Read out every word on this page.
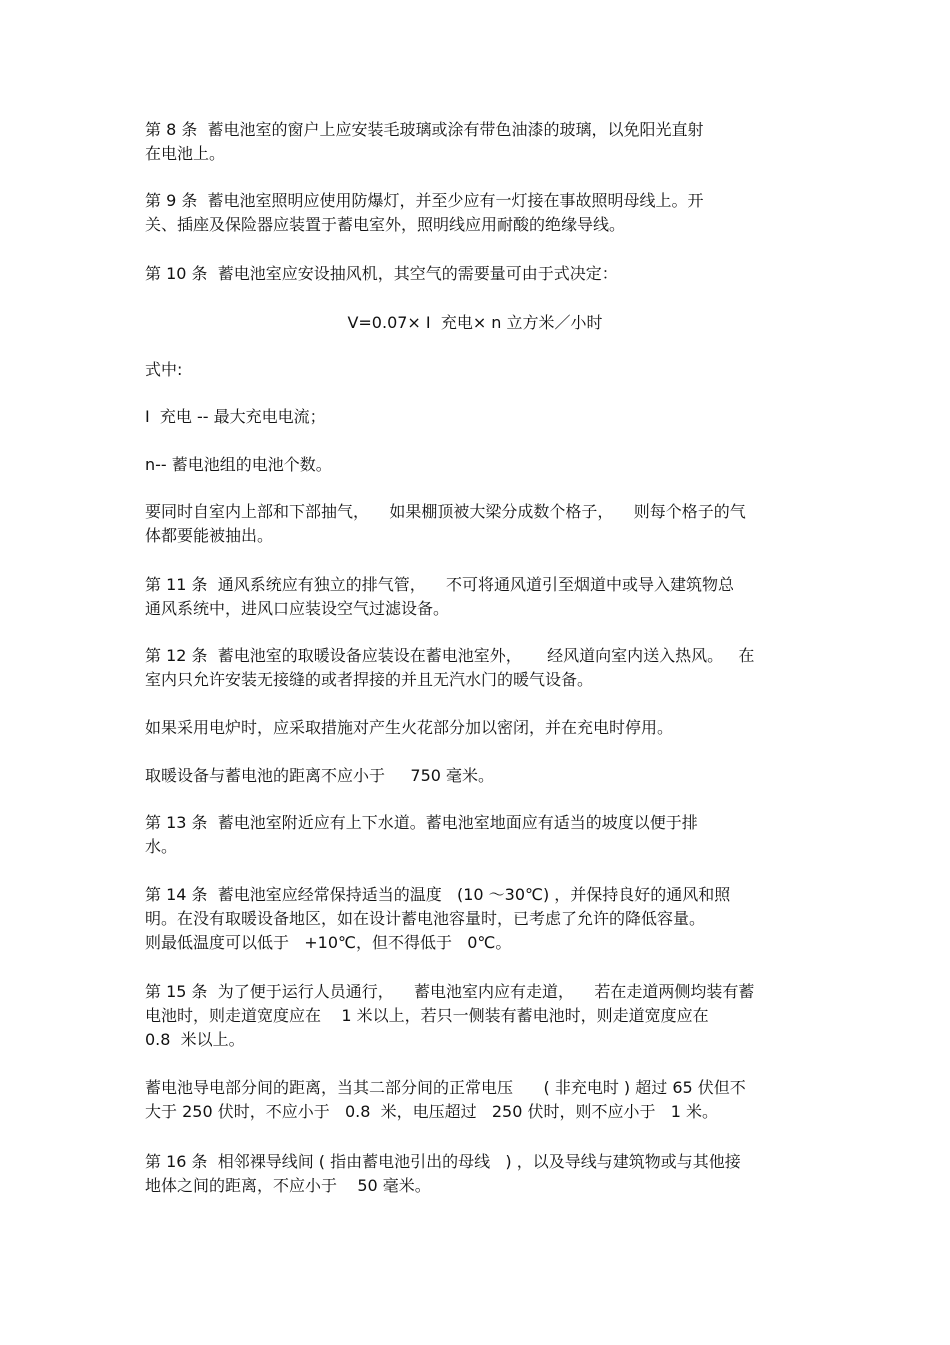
第 8 条  蓄电池室的窗户上应安装毛玻璃或涂有带色油漆的玻璃，以免阳光直射
在电池上。
第 9 条  蓄电池室照明应使用防爆灯，并至少应有一灯接在事故照明母线上。开
关、插座及保险器应装置于蓄电室外，照明线应用耐酸的绝缘导线。
第 10 条  蓄电池室应安设抽风机，其空气的需要量可由于式决定：
V=0.07× I  充电× n 立方米／小时
式中:
I  充电 -- 最大充电电流；
n-- 蓄电池组的电池个数。
要同时自室内上部和下部抽气，    如果棚顶被大梁分成数个格子，    则每个格子的气
体都要能被抽出。
第 11 条  通风系统应有独立的排气管，    不可将通风道引至烟道中或导入建筑物总
通风系统中，进风口应装设空气过滤设备。
第 12 条  蓄电池室的取暖设备应装设在蓄电池室外，     经风道向室内送入热风。   在
室内只允许安装无接缝的或者捍接的并且无汽水门的暖气设备。
如果采用电炉时，应采取措施对产生火花部分加以密闭，并在充电时停用。
取暖设备与蓄电池的距离不应小于     750 毫米。
第 13 条  蓄电池室附近应有上下水道。蓄电池室地面应有适当的坡度以便于排
水。
第 14 条  蓄电池室应经常保持适当的温度   (10 ～30℃) ，并保持良好的通风和照
明。在没有取暖设备地区，如在设计蓄电池容量时，已考虑了允许的降低容量。
则最低温度可以低于   +10℃，但不得低于   0℃。
第 15 条  为了便于运行人员通行，    蓄电池室内应有走道，    若在走道两侧均装有蓄
电池时，则走道宽度应在    1 米以上，若只一侧装有蓄电池时，则走道宽度应在
0.8  米以上。
蓄电池导电部分间的距离，当其二部分间的正常电压      ( 非充电时 ) 超过 65 伏但不
大于 250 伏时，不应小于   0.8  米，电压超过   250 伏时，则不应小于   1 米。
第 16 条  相邻裸导线间 ( 指由蓄电池引出的母线   ) ，以及导线与建筑物或与其他接
地体之间的距离，不应小于    50 毫米。
